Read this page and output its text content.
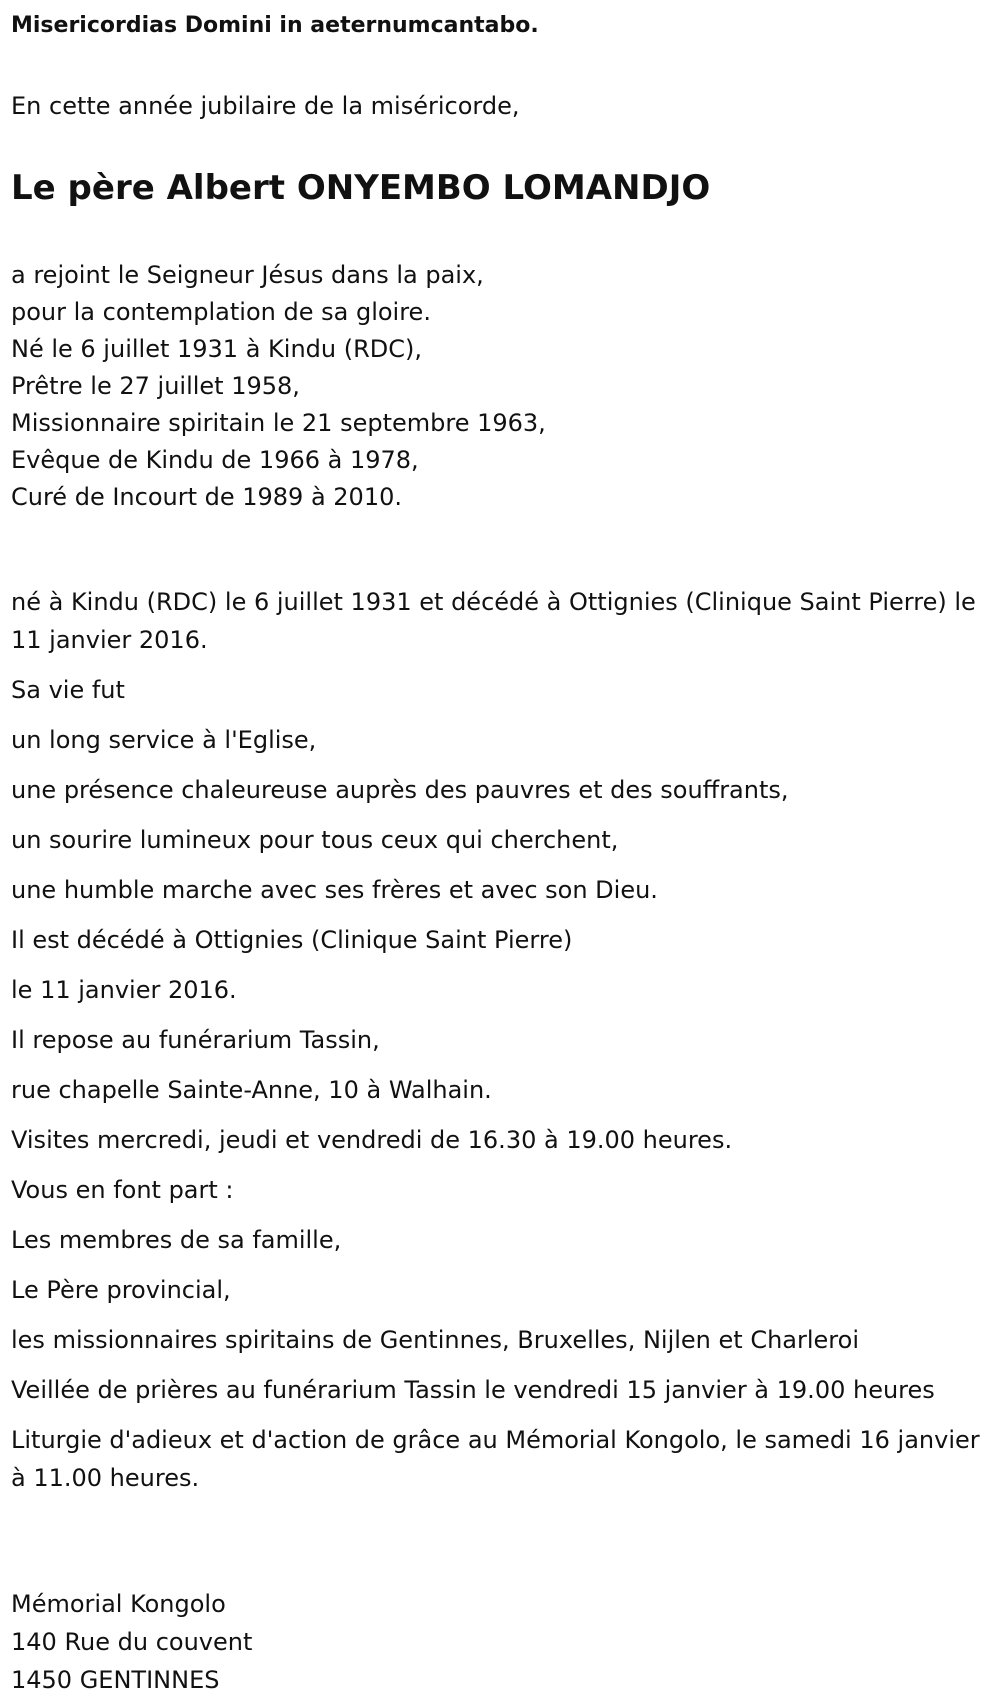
Misericordias Domini in aeternumcantabo.

En cette année jubilaire de la miséricorde,

Le père Albert ONYEMBO LOMANDJO
a rejoint le Seigneur Jésus dans la paix,
pour la contemplation de sa gloire.
Né le 6 juillet 1931 à Kindu (RDC),
Prêtre le 27 juillet 1958,
Missionnaire spiritain le 21 septembre 1963,
Evêque de Kindu de 1966 à 1978,
Curé de Incourt de 1989 à 2010.

né à Kindu (RDC) le 6 juillet 1931 et décédé à Ottignies (Clinique Saint Pierre) le 11 janvier 2016.

Sa vie fut

un long service à l'Eglise,

une présence chaleureuse auprès des pauvres et des souffrants,

un sourire lumineux pour tous ceux qui cherchent,

une humble marche avec ses frères et avec son Dieu.

Il est décédé à Ottignies (Clinique Saint Pierre)

le 11 janvier 2016.

Il repose au funérarium Tassin,

rue chapelle Sainte-Anne, 10 à Walhain.

Visites mercredi, jeudi et vendredi de 16.30 à 19.00 heures.

Vous en font part :

Les membres de sa famille,

Le Père provincial,

les missionnaires spiritains de Gentinnes, Bruxelles, Nijlen et Charleroi

Veillée de prières au funérarium Tassin le vendredi 15 janvier à 19.00 heures

Liturgie d'adieux et d'action de grâce au Mémorial Kongolo, le samedi 16 janvier à 11.00 heures.

Mémorial Kongolo
140 Rue du couvent
1450 GENTINNES
